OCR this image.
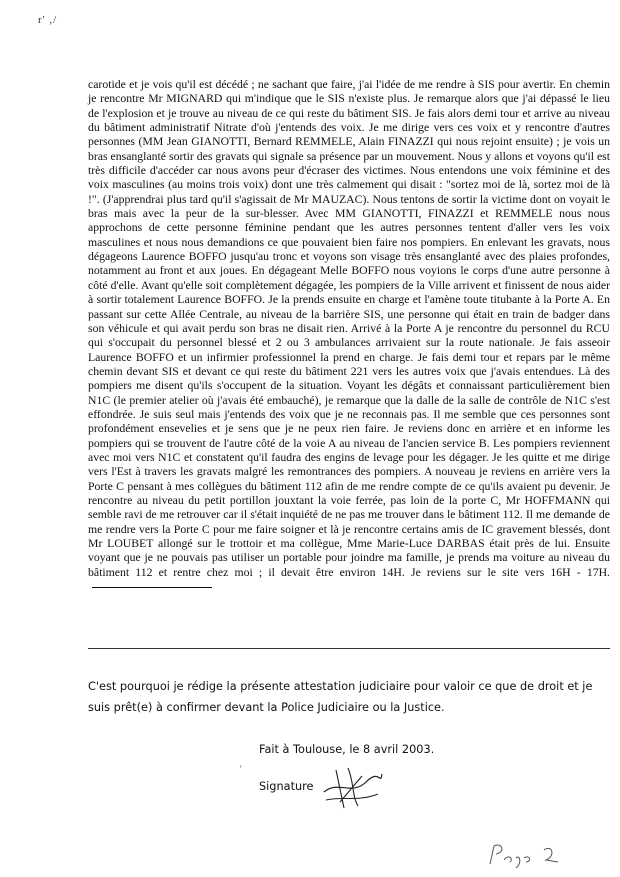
r' ,/

carotide et je vois qu'il est décédé ; ne sachant que faire, j'ai l'idée de me rendre à SIS pour avertir. En chemin je rencontre Mr MIGNARD qui m'indique que le SIS n'existe plus. Je remarque alors que j'ai dépassé le lieu de l'explosion et je trouve au niveau de ce qui reste du bâtiment SIS. Je fais alors demi tour et arrive au niveau du bâtiment administratif Nitrate d'où j'entends des voix. Je me dirige vers ces voix et y rencontre d'autres personnes (MM Jean GIANOTTI, Bernard REMMELE, Alain FINAZZI qui nous rejoint ensuite) ; je vois un bras ensanglanté sortir des gravats qui signale sa présence par un mouvement. Nous y allons et voyons qu'il est très difficile d'accéder car nous avons peur d'écraser des victimes. Nous entendons une voix féminine et des voix masculines (au moins trois voix) dont une très calmement qui disait : "sortez moi de là, sortez moi de là !". (J'apprendrai plus tard qu'il s'agissait de Mr MAUZAC). Nous tentons de sortir la victime dont on voyait le bras mais avec la peur de la sur-blesser. Avec MM GIANOTTI, FINAZZI et REMMELE nous nous approchons de cette personne féminine pendant que les autres personnes tentent d'aller vers les voix masculines et nous nous demandions ce que pouvaient bien faire nos pompiers. En enlevant les gravats, nous dégageons Laurence BOFFO jusqu'au tronc et voyons son visage très ensanglanté avec des plaies profondes, notamment au front et aux joues. En dégageant Melle BOFFO nous voyions le corps d'une autre personne à côté d'elle. Avant qu'elle soit complètement dégagée, les pompiers de la Ville arrivent et finissent de nous aider à sortir totalement Laurence BOFFO. Je la prends ensuite en charge et l'amène toute titubante à la Porte A. En passant sur cette Allée Centrale, au niveau de la barrière SIS, une personne qui était en train de badger dans son véhicule et qui avait perdu son bras ne disait rien. Arrivé à la Porte A je rencontre du personnel du RCU qui s'occupait du personnel blessé et 2 ou 3 ambulances arrivaient sur la route nationale. Je fais asseoir Laurence BOFFO et un infirmier professionnel la prend en charge. Je fais demi tour et repars par le même chemin devant SIS et devant ce qui reste du bâtiment 221 vers les autres voix que j'avais entendues. Là des pompiers me disent qu'ils s'occupent de la situation. Voyant les dégâts et connaissant particulièrement bien N1C (le premier atelier où j'avais été embauché), je remarque que la dalle de la salle de contrôle de N1C s'est effondrée. Je suis seul mais j'entends des voix que je ne reconnais pas. Il me semble que ces personnes sont profondément ensevelies et je sens que je ne peux rien faire. Je reviens donc en arrière et en informe les pompiers qui se trouvent de l'autre côté de la voie A au niveau de l'ancien service B. Les pompiers reviennent avec moi vers N1C et constatent qu'il faudra des engins de levage pour les dégager. Je les quitte et me dirige vers l'Est à travers les gravats malgré les remontrances des pompiers. A nouveau je reviens en arrière vers la Porte C pensant à mes collègues du bâtiment 112 afin de me rendre compte de ce qu'ils avaient pu devenir. Je rencontre au niveau du petit portillon jouxtant la voie ferrée, pas loin de la porte C, Mr HOFFMANN qui semble ravi de me retrouver car il s'était inquiété de ne pas me trouver dans le bâtiment 112. Il me demande de me rendre vers la Porte C pour me faire soigner et là je rencontre certains amis de IC gravement blessés, dont Mr LOUBET allongé sur le trottoir et ma collègue, Mme Marie-Luce DARBAS était près de lui. Ensuite voyant que je ne pouvais pas utiliser un portable pour joindre ma famille, je prends ma voiture au niveau du bâtiment 112 et rentre chez moi ; il devait être environ 14H. Je reviens sur le site vers 16H - 17H.

C'est pourquoi je rédige la présente attestation judiciaire pour valoir ce que de droit et je suis prêt(e) à confirmer devant la Police Judiciaire ou la Justice.

Fait à Toulouse, le 8 avril 2003.
'
Signature
